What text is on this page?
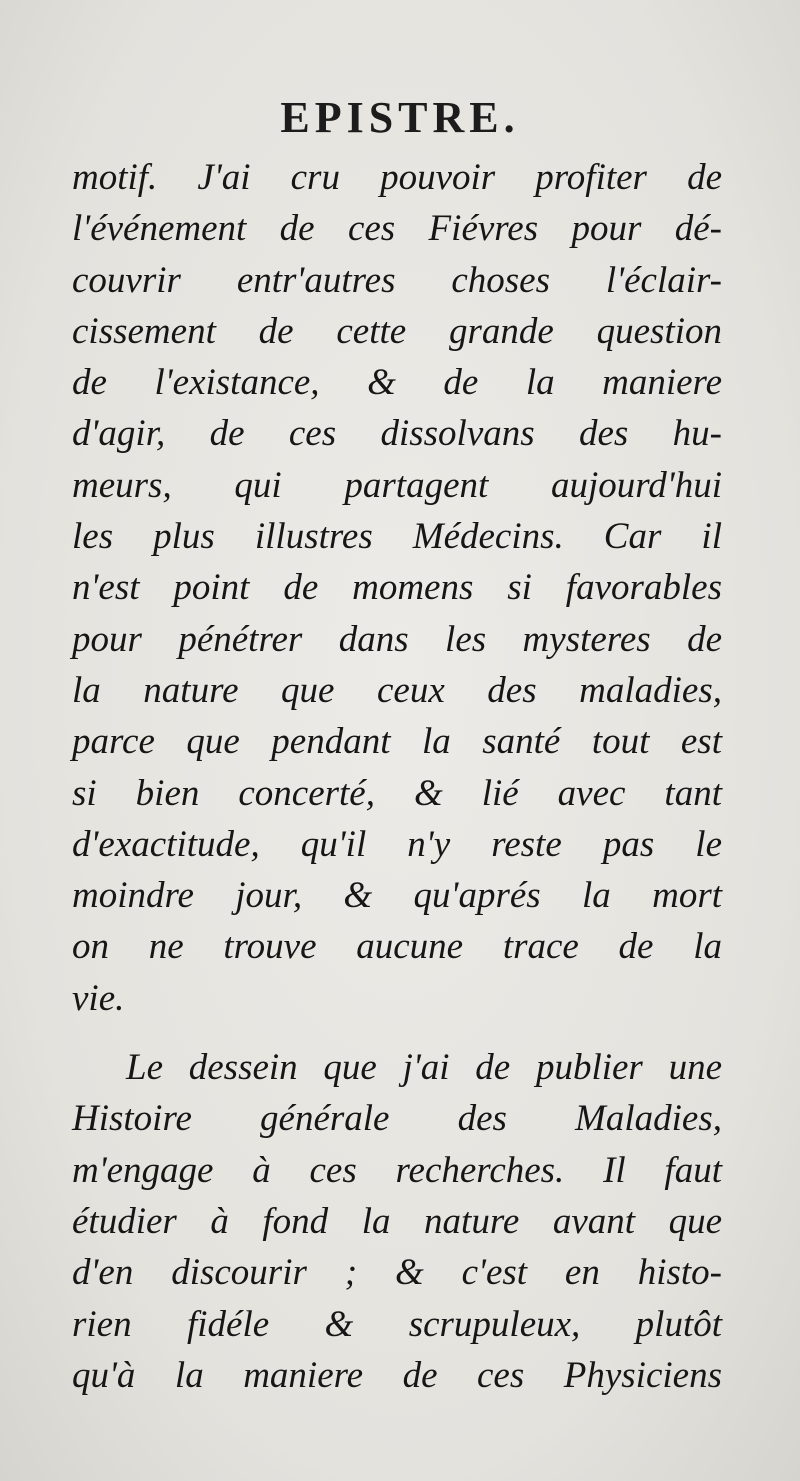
EPISTRE.
motif. J'ai cru pouvoir profiter de
l'événement de ces Fiévres pour dé-
couvrir entr'autres choses l'éclair-
cissement de cette grande question
de l'existance, & de la maniere
d'agir, de ces dissolvans des hu-
meurs, qui partagent aujourd'hui
les plus illustres Médecins. Car il
n'est point de momens si favorables
pour pénétrer dans les mysteres de
la nature que ceux des maladies,
parce que pendant la santé tout est
si bien concerté, & lié avec tant
d'exactitude, qu'il n'y reste pas le
moindre jour, & qu'aprés la mort
on ne trouve aucune trace de la
vie.
Le dessein que j'ai de publier une
Histoire générale des Maladies,
m'engage à ces recherches. Il faut
étudier à fond la nature avant que
d'en discourir ; & c'est en histo-
rien fidéle & scrupuleux, plutôt
qu'à la maniere de ces Physiciens
